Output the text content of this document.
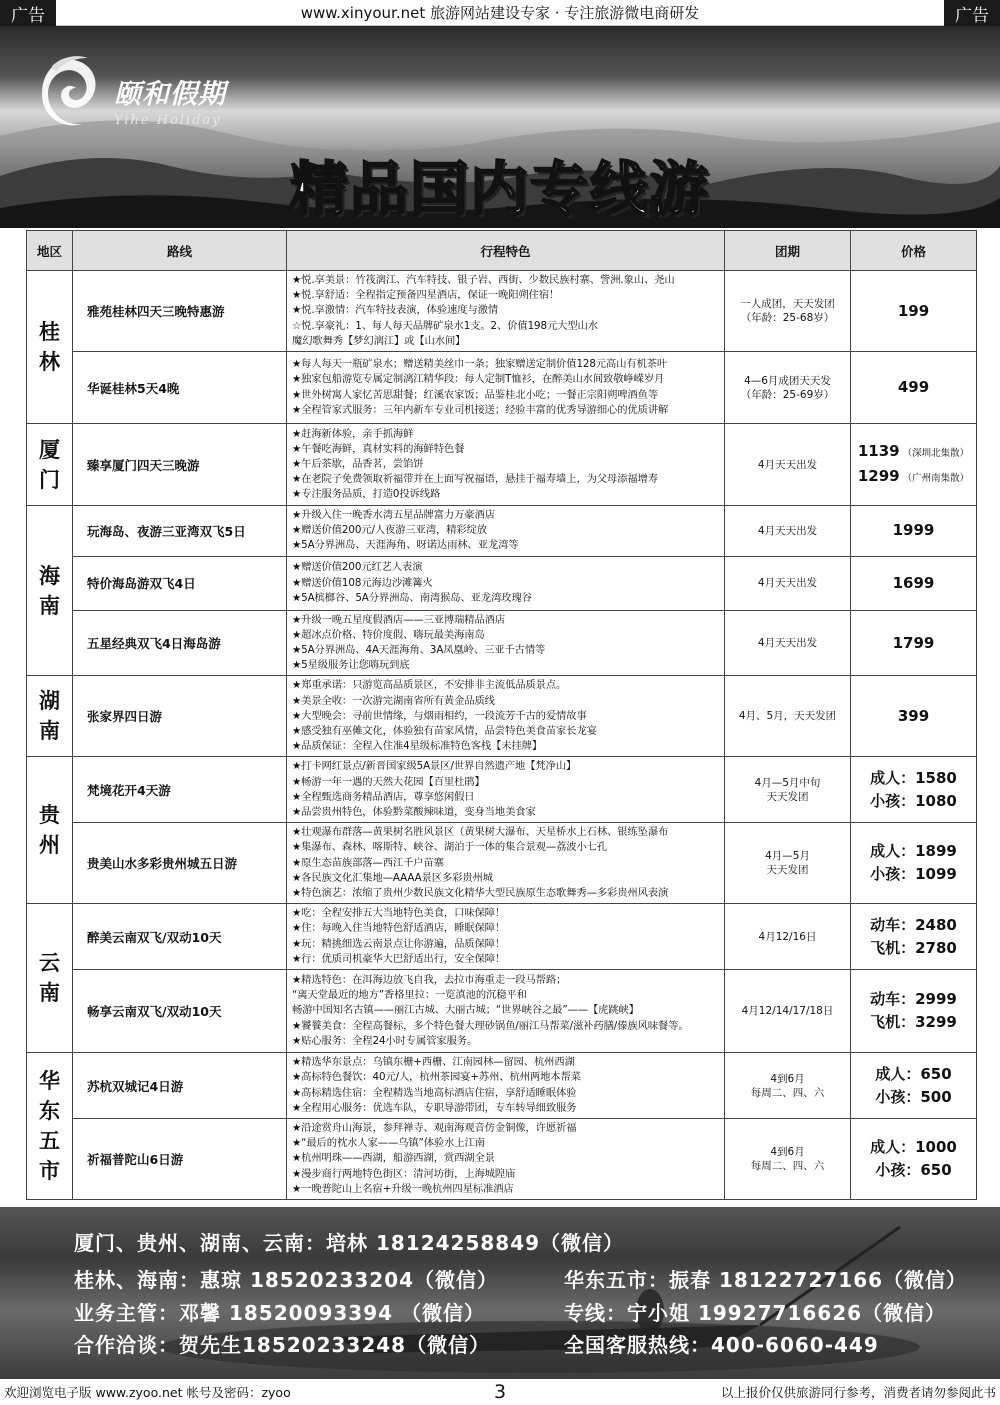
广告	www.xinyour.net 旅游网站建设专家 · 专注旅游微电商研发	广告
颐和假期
Yihe Holiday
精品国内专线游
地区	路线	行程特色	团期	价格
桂
林	雅苑桂林四天三晚特惠游	★悦.享美景：竹筏漓江、汽车特技、银子岩、西街、少数民族村寨、訾洲.象山、尧山
★悦.享舒适：全程指定预备四星酒店，保证一晚阳朔住宿！
★悦.享激情：汽车特技表演，体验速度与激情
☆悦.享豪礼：1、每人每天品牌矿泉水1支。2、价值198元大型山水
魔幻歌舞秀【梦幻漓江】或【山水间】	一人成团，天天发团
（年龄：25-68岁）	199

	华诞桂林5天4晚	★每人每天一瓶矿泉水；赠送精美丝巾一条；独家赠送定制价值128元高山有机茶叶
★独家包船游览专属定制漓江精华段：每人定制T恤衫，在醉美山水间致敬峥嵘岁月
★世外树寓人家忆苦思甜餐；红溪农家饭；品鉴桂北小吃；一餐正宗阳朔啤酒鱼等
★全程管家式服务：三年内新车专业司机接送；经验丰富的优秀导游细心的优质讲解	4—6月成团天天发
（年龄：25-69岁）	499

厦
门	臻享厦门四天三晚游	★赶海新体验，亲手抓海鲜
★午餐吃海鲜，真材实料的海鲜特色餐
★午后茶歇，品香茗，尝馅饼
★在老院子免费领取祈福带并在上面写祝福语，悬挂于福寿墙上，为父母添福增寿
★专注服务品质，打造0投诉线路	4月天天出发	1139 （深圳北集散）
1299 （广州南集散）

海
南	玩海岛、夜游三亚湾双飞5日	★升级入住一晚香水湾五星品牌富力万豪酒店
★赠送价值200元/人夜游三亚湾，精彩绽放
★5A分界洲岛、天涯海角、呀诺达雨林、亚龙湾等	4月天天出发	1999

	特价海岛游双飞4日	★赠送价值200元红艺人表演
★赠送价值108元海边沙滩篝火
★5A槟榔谷、5A分界洲岛、南湾猴岛、亚龙湾玫瑰谷	4月天天出发	1699

	五星经典双飞4日海岛游	★升级一晚五星度假酒店——三亚博瑞精品酒店
★超冰点价格、特价度假、嗨玩最美海南岛
★5A分界洲岛、4A天涯海角、3A凤凰岭、三亚千古情等
★5星级服务让您嗨玩到底	4月天天出发	1799

湖
南	张家界四日游	★郑重承诺：只游览高品质景区，不安排非主流低品质景点。
★美景全收：一次游完湖南省所有黄金品质线
★大型晚会：寻前世情缘，与烟雨相约，一段流芳千古的爱情故事
★感受独有巫傩文化，体验独有苗家风情，品尝特色美食苗家长龙宴
★品质保证：全程入住准4星级标准特色客栈【未挂牌】	4月、5月，天天发团	399

贵
州	梵境花开4天游	★打卡网红景点/新晋国家级5A景区/世界自然遗产地【梵净山】
★畅游一年一遇的天然大花园【百里杜鹃】
★全程甄选商务精品酒店，尊享悠闲假日
★品尝贵州特色，体验黔菜酸辣味道，变身当地美食家	4月—5月中旬
天天发团	成人：1580
小孩：1080

	贵美山水多彩贵州城五日游	★壮观瀑布群落—黄果树名胜风景区（黄果树大瀑布、天星桥水上石林、银练坠瀑布
★集瀑布、森林、喀斯特、峡谷、湖泊于一体的集合景观—荔波小七孔
★原生态苗族部落—西江千户苗寨
★各民族文化汇集地—AAAA景区多彩贵州城
★特色演艺：浓缩了贵州少数民族文化精华大型民族原生态歌舞秀—多彩贵州风表演	4月—5月
天天发团	成人：1899
小孩：1099

云
南	醉美云南双飞/双动10天	★吃：全程安排五大当地特色美食，口味保障！
★住：每晚入住当地特色舒适酒店，睡眠保障！
★玩：精挑细选云南景点让你游遍，品质保障！
★行：优质司机豪华大巴舒适出行，安全保障！	4月12/16日	动车：2480
飞机：2780

	畅享云南双飞/双动10天	★精选特色：在洱海边放飞自我，去拉市海重走一段马帮路；
“离天堂最近的地方”香格里拉：一览滇池的沉稳平和
畅游中国知名古镇——丽江古城、大丽古城；“世界峡谷之最”——【虎跳峡】
★饕餮美食：全程高餐标，多个特色餐大理砂锅鱼/丽江马帮菜/滋补药膳/傣族风味餐等。
★贴心服务：全程24小时专属管家服务。	4月12/14/17/18日	动车：2999
飞机：3299

华
东
五
市	苏杭双城记4日游	★精选华东景点：乌镇东栅+西栅、江南园林—留园、杭州西湖
★高标特色餐饮：40元/人，杭州茶园宴+苏州、杭州两地本帮菜
★高标精选住宿：全程精选当地高标酒店住宿，享舒适睡眠体验
★全程用心服务：优选车队，专职导游带团，专车转导细致服务	4到6月
每周二、四、六	成人：650
小孩：500

	祈福普陀山6日游	★沿途赏舟山海景，参拜禅寺、观南海观音仿金铜像，许愿祈福
★“最后的枕水人家——乌镇”体验水上江南
★杭州明珠——西湖，船游西湖，赏西湖全景
★漫步商行两地特色街区：清河坊街，上海城隍庙
★一晚普陀山上名宿+升级一晚杭州四星标准酒店	4到6月
每周二、四、六	成人：1000
小孩：650
厦门、贵州、湖南、云南：培林 18124258849（微信）
桂林、海南：惠琼 18520233204（微信）	华东五市：振春 18122727166（微信）
业务主管：邓馨 18520093394 （微信）	专线：宁小姐 19927716626（微信）
合作洽谈：贺先生18520233248（微信）	全国客服热线：400-6060-449
欢迎浏览电子版 www.zyoo.net 帐号及密码：zyoo	3	以上报价仅供旅游同行参考，消费者请勿参阅此书
